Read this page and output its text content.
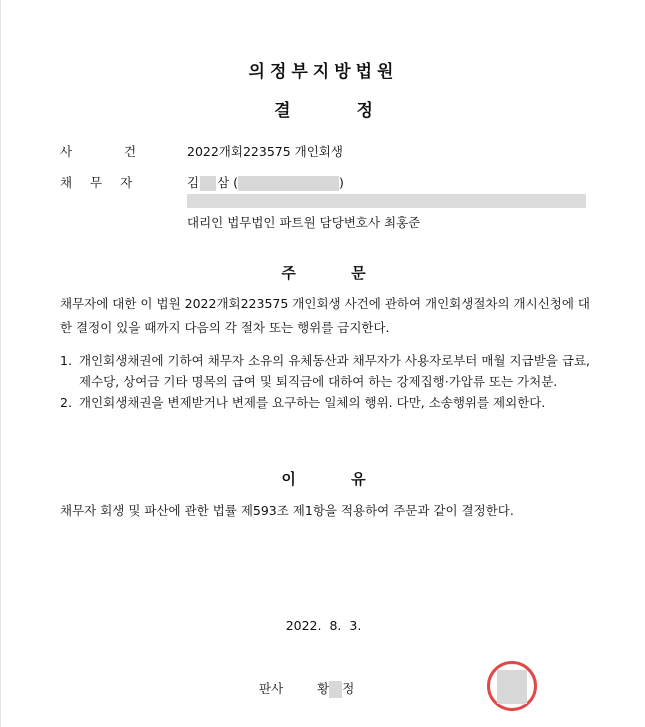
의정부지방법원
결 정
사 건	2022개회223575 개인회생
채 무 자	김 삼 (	)
대리인 법무법인 파트원 담당변호사 최홍준
주 문
채무자에 대한 이 법원 2022개회223575 개인회생 사건에 관하여 개인회생절차의 개시신청에 대한 결정이 있을 때까지 다음의 각 절차 또는 행위를 금지한다.
1. 개인회생채권에 기하여 채무자 소유의 유체동산과 채무자가 사용자로부터 매월 지급받을 급료, 제수당, 상여금 기타 명목의 급여 및 퇴직금에 대하여 하는 강제집행·가압류 또는 가처분.
2. 개인회생채권을 변제받거나 변제를 요구하는 일체의 행위. 다만, 소송행위를 제외한다.
이 유
채무자 회생 및 파산에 관한 법률 제593조 제1항을 적용하여 주문과 같이 결정한다.
2022. 8. 3.
판사	황 정
